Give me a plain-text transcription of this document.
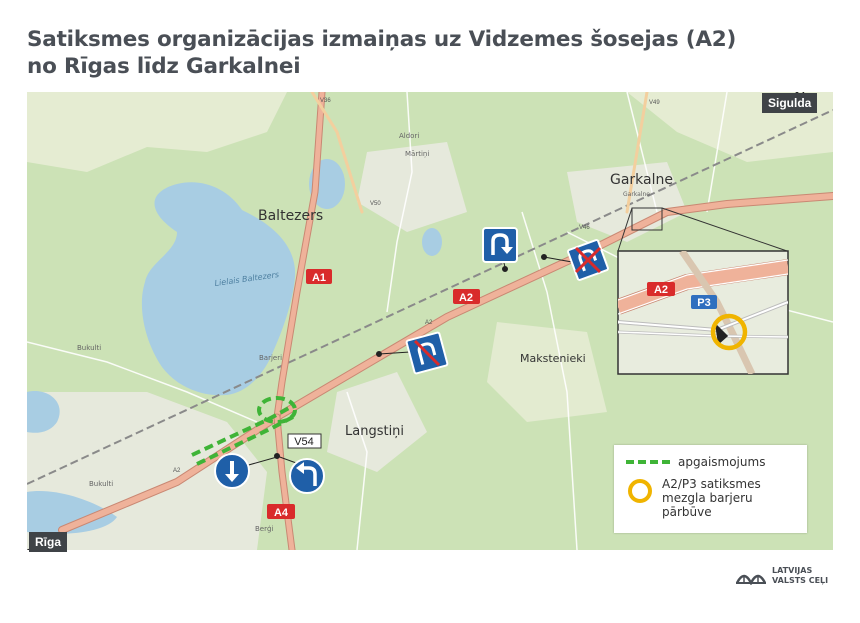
Satiksmes organizācijas izmaiņas uz Vidzemes šosejas (A2)
no Rīgas līdz Garkalnei
Baltezers
Garkalne
Langstiņi
Makstenieki
Lielais Baltezers
Barjeri
Bukulti
Bukulti
Berģi
Aldori
Mārtiņi
Garkalne
V36
V50
V46
V49
A2
A2
A1
A2
A4
V54
A2
P3
Sigulda
Rīga
apgaismojums
A2/P3 satiksmes
mezgla barjeru
pārbūve
LATVIJAS
VALSTS CEĻI
